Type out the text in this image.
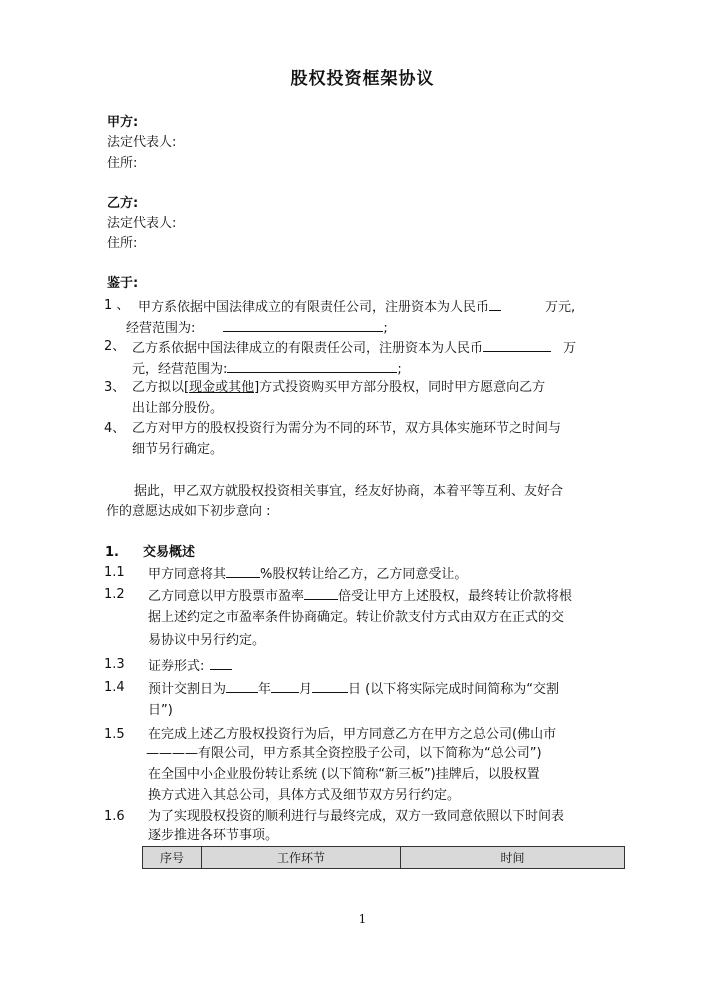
股权投资框架协议
甲方:
法定代表人:
住所:
乙方:
法定代表人:
住所:
鉴于:
1 、 甲方系依据中国法律成立的有限责任公司，注册资本为人民币	万元,
经营范围为:	;
2、 乙方系依据中国法律成立的有限责任公司，注册资本为人民币	万
元，经营范围为:	;
3、 乙方拟以[现金或其他]方式投资购买甲方部分股权，同时甲方愿意向乙方
出让部分股份。
4、 乙方对甲方的股权投资行为需分为不同的环节，双方具体实施环节之时间与
细节另行确定。
据此，甲乙双方就股权投资相关事宜，经友好协商，本着平等互利、友好合
作的意愿达成如下初步意向 :
1. 交易概述
1.1 甲方同意将其	%股权转让给乙方，乙方同意受让。
1.2 乙方同意以甲方股票市盈率	倍受让甲方上述股权，最终转让价款将根
据上述约定之市盈率条件协商确定。转让价款支付方式由双方在正式的交
易协议中另行约定。
1.3 证券形式:
1.4 预计交割日为 年 月	日 (以下将实际完成时间简称为“交割
日”)
1.5 在完成上述乙方股权投资行为后，甲方同意乙方在甲方之总公司(佛山市
————有限公司，甲方系其全资控股子公司，以下简称为“总公司”)
在全国中小企业股份转让系统 (以下简称“新三板”)挂牌后，以股权置
换方式进入其总公司，具体方式及细节双方另行约定。
1.6 为了实现股权投资的顺利进行与最终完成，双方一致同意依照以下时间表
逐步推进各环节事项。
序号	工作环节	时间
1
